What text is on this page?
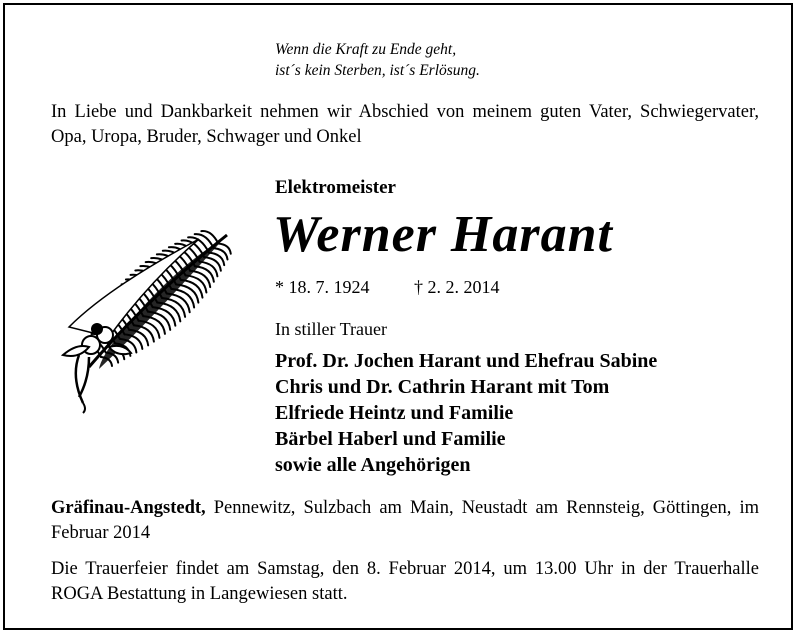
Wenn die Kraft zu Ende geht,
ist´s kein Sterben, ist´s Erlösung.
In Liebe und Dankbarkeit nehmen wir Abschied von meinem guten Vater, Schwiegervater, Opa, Uropa, Bruder, Schwager und Onkel
Elektromeister
Werner Harant
* 18. 7. 1924 † 2. 2. 2014
In stiller Trauer
Prof. Dr. Jochen Harant und Ehefrau Sabine
Chris und Dr. Cathrin Harant mit Tom
Elfriede Heintz und Familie
Bärbel Haberl und Familie
sowie alle Angehörigen
Gräfinau-Angstedt, Pennewitz, Sulzbach am Main, Neustadt am Rennsteig, Göttingen, im Februar 2014
Die Trauerfeier findet am Samstag, den 8. Februar 2014, um 13.00 Uhr in der Trauerhalle ROGA Bestattung in Langewiesen statt.
